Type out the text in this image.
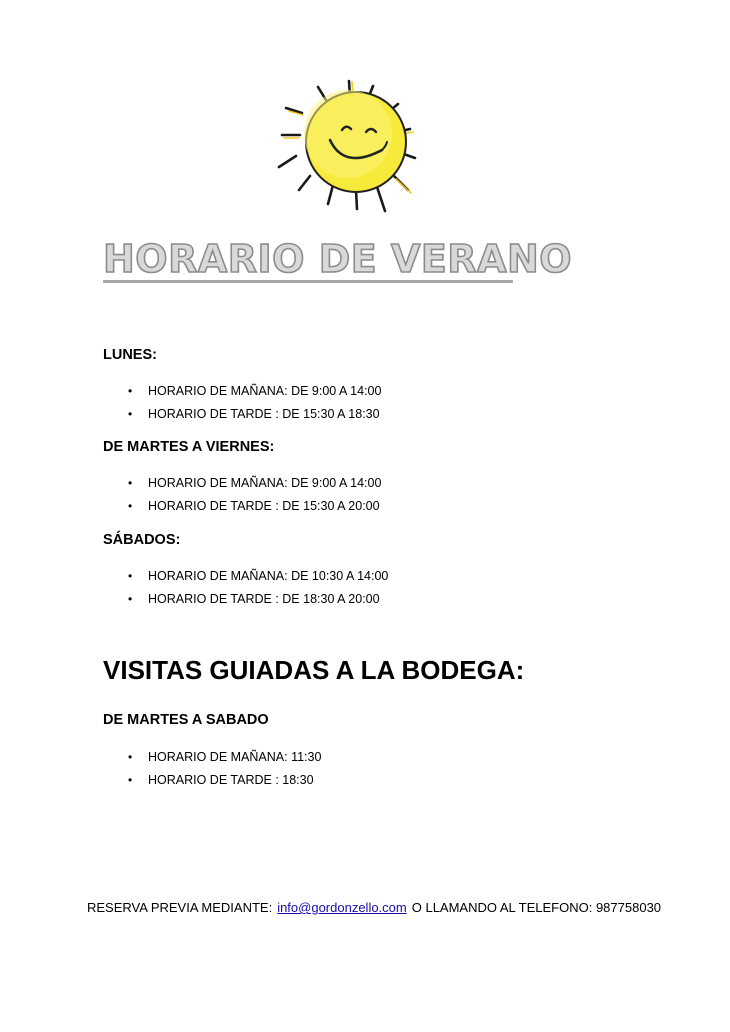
HORARIO DE VERANO
LUNES:
• HORARIO DE MAÑANA: DE 9:00 A 14:00
• HORARIO DE TARDE : DE 15:30 A 18:30
DE MARTES A VIERNES:
• HORARIO DE MAÑANA: DE 9:00 A 14:00
• HORARIO DE TARDE : DE 15:30 A 20:00
SÁBADOS:
• HORARIO DE MAÑANA: DE 10:30 A 14:00
• HORARIO DE TARDE : DE 18:30 A 20:00
VISITAS GUIADAS A LA BODEGA:
DE MARTES A SABADO
• HORARIO DE MAÑANA: 11:30
• HORARIO DE TARDE : 18:30
RESERVA PREVIA MEDIANTE: info@gordonzello.com O LLAMANDO AL TELEFONO: 987758030
